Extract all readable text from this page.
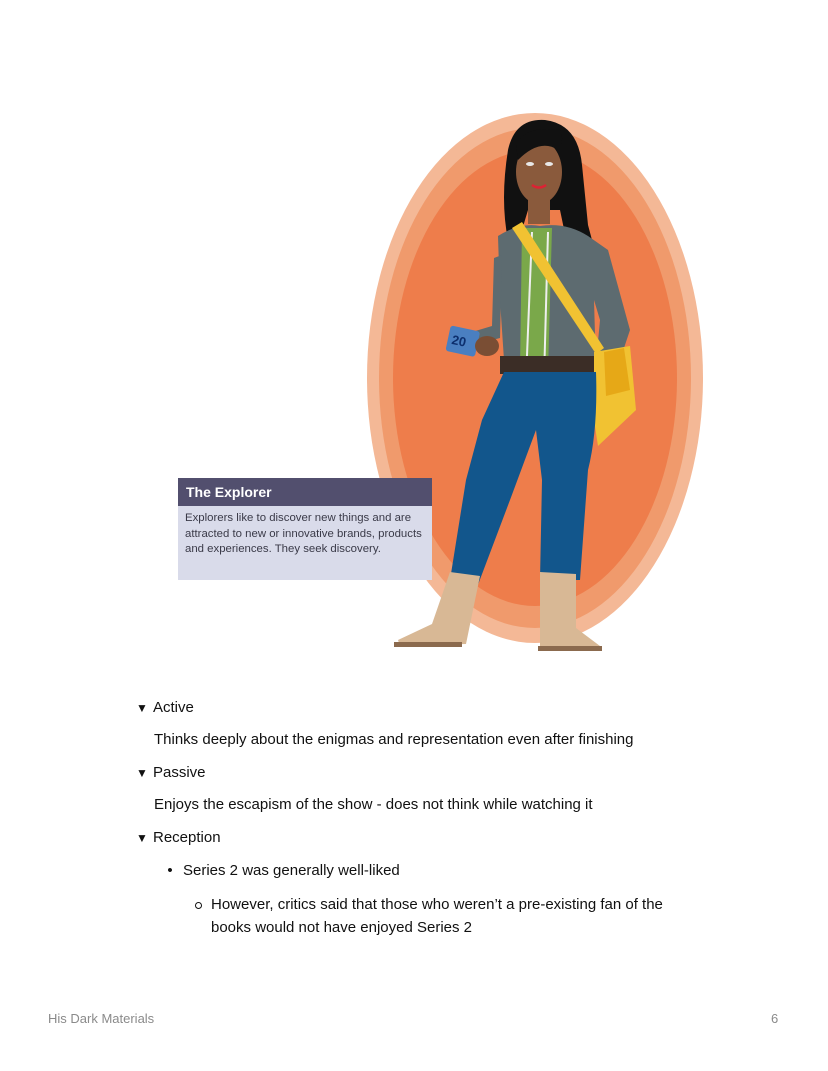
20
The Explorer
Explorers like to discover new things and are attracted to new or innovative brands, products and experiences. They seek discovery.
▼ Active
Thinks deeply about the enigmas and representation even after finishing
▼ Passive
Enjoys the escapism of the show - does not think while watching it
▼ Reception
• Series 2 was generally well-liked
However, critics said that those who weren’t a pre-existing fan of the
books would not have enjoyed Series 2
His Dark Materials	6
